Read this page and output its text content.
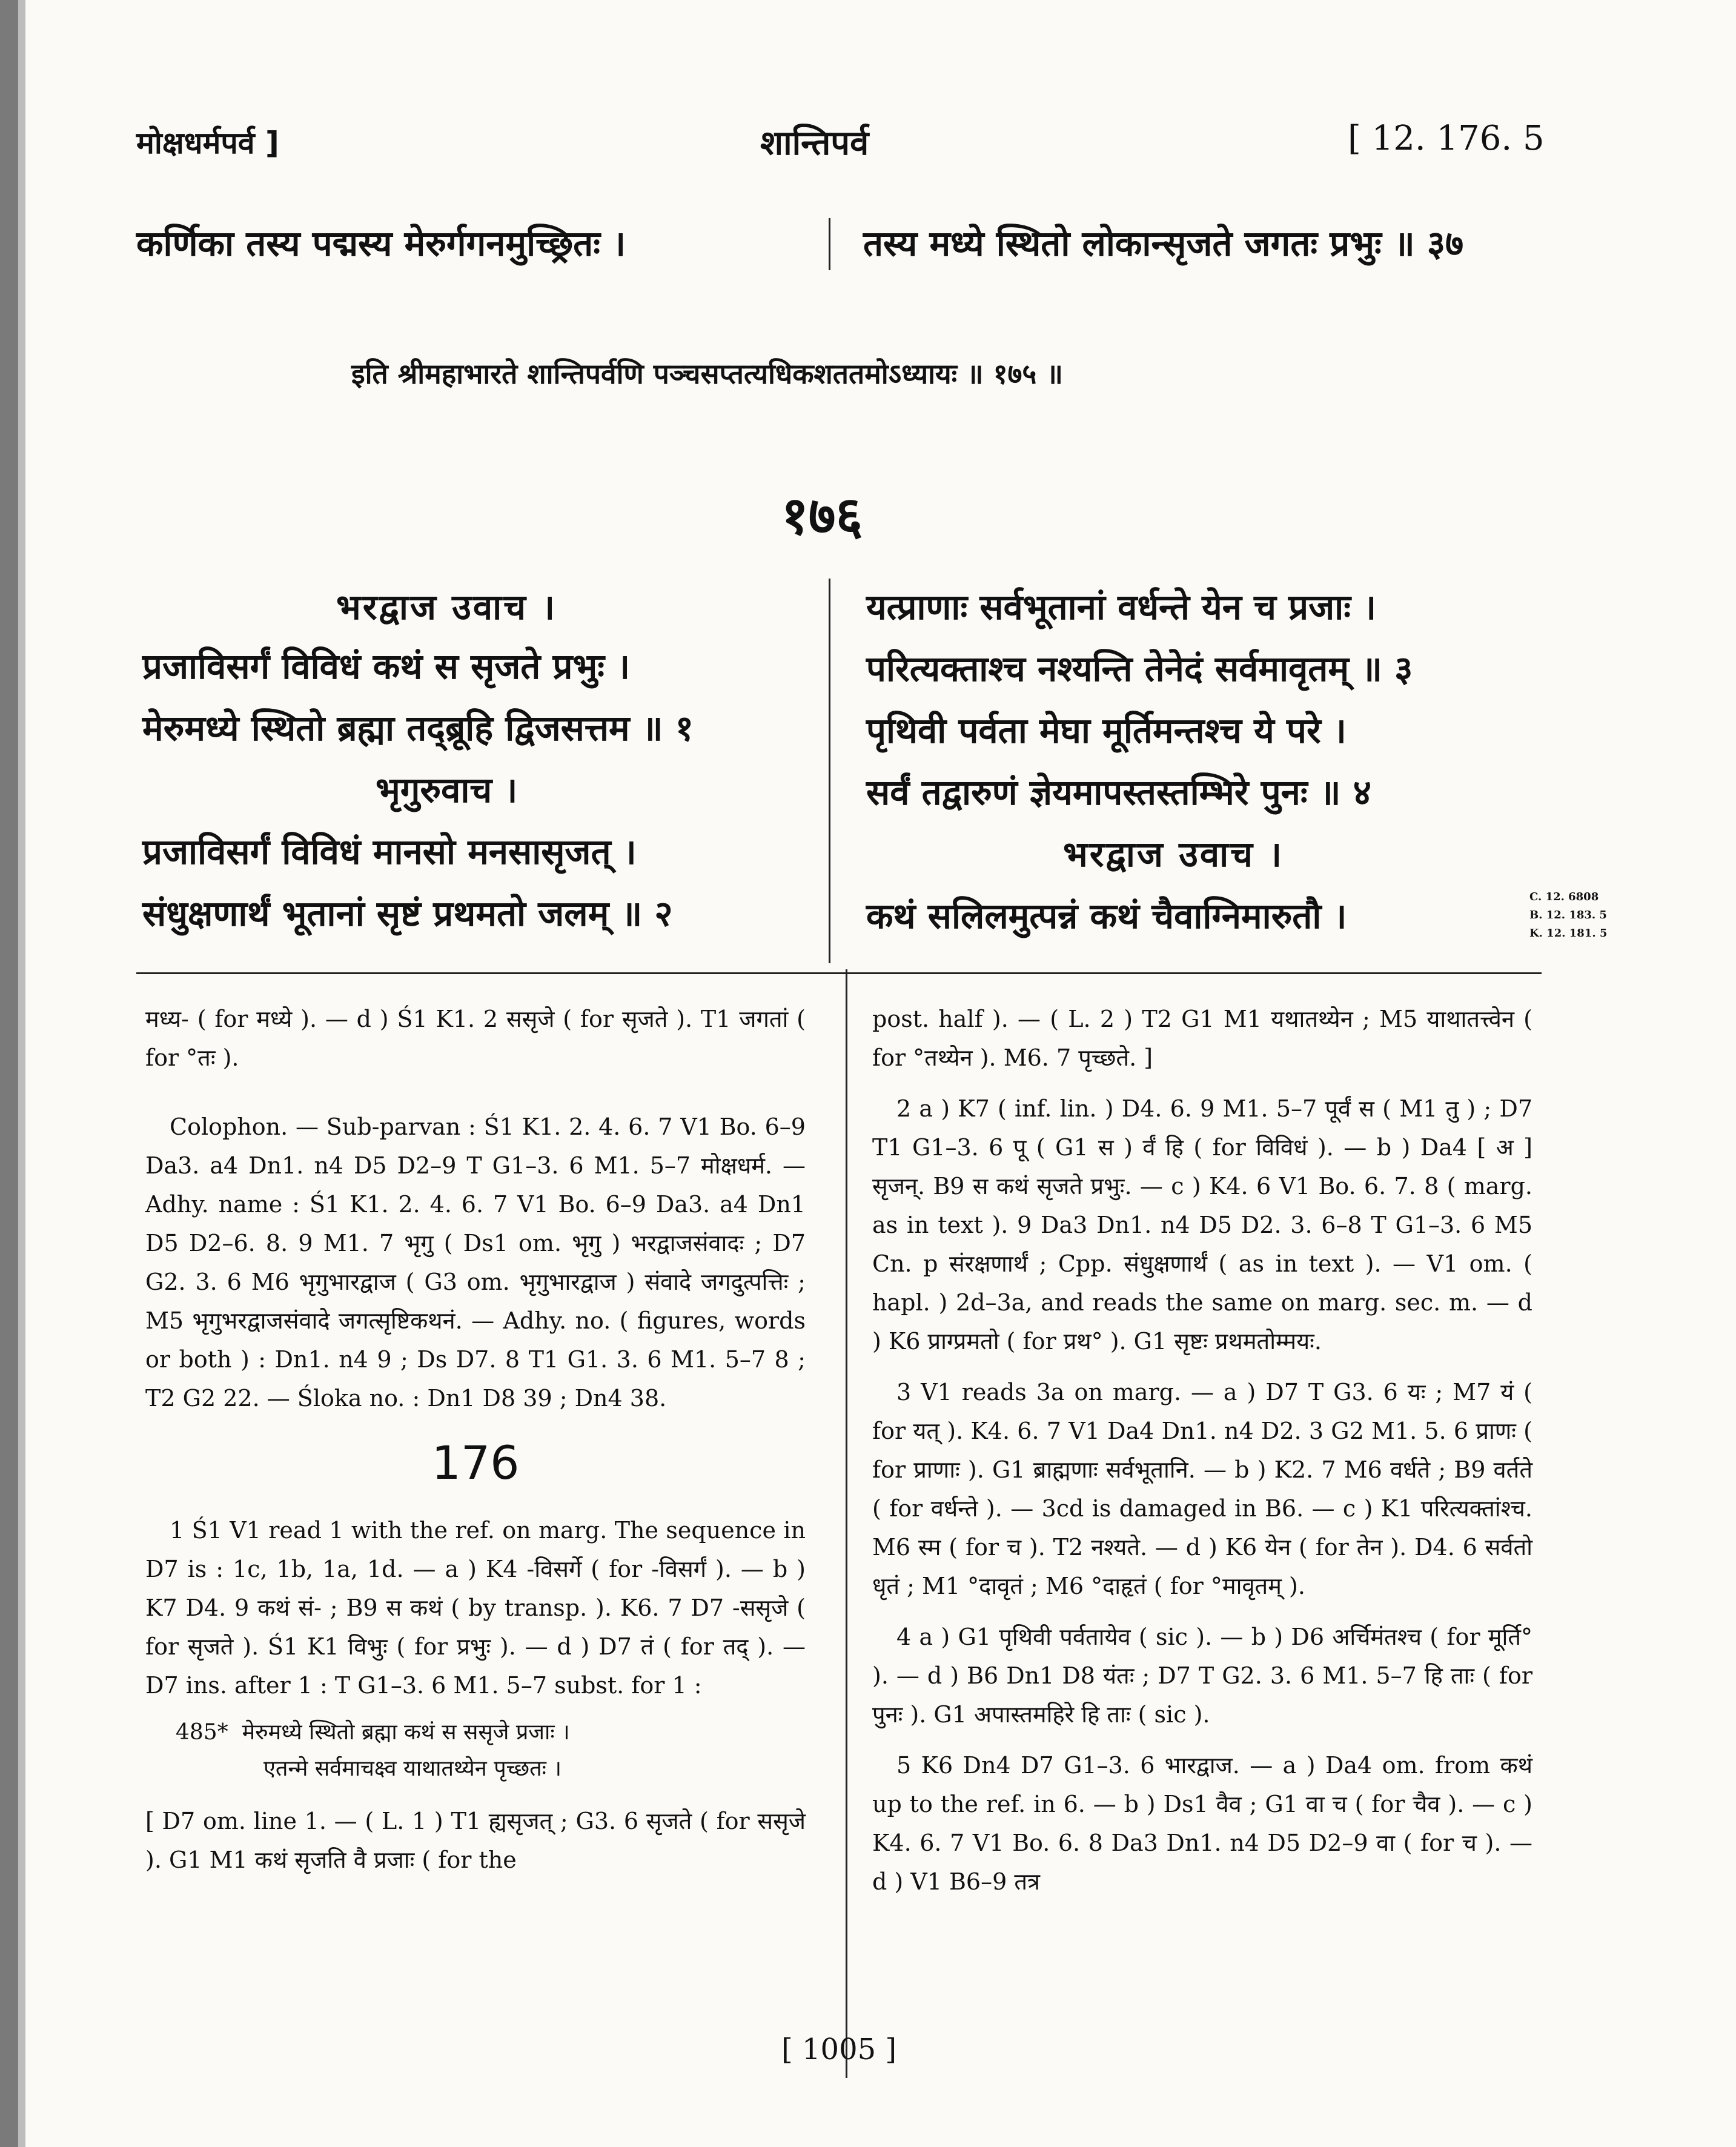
मोक्षधर्मपर्व ]	शान्तिपर्व	[ 12. 176. 5
कर्णिका तस्य पद्मस्य मेरुर्गगनमुच्छ्रितः ।	तस्य मध्ये स्थितो लोकान्सृजते जगतः प्रभुः ॥ ३७
इति श्रीमहाभारते शान्तिपर्वणि पञ्चसप्तत्यधिकशततमोऽध्यायः ॥ १७५ ॥
१७६
भरद्वाज उवाच ।
प्रजाविसर्गं विविधं कथं स सृजते प्रभुः ।
मेरुमध्ये स्थितो ब्रह्मा तद्ब्रूहि द्विजसत्तम ॥ १
भृगुरुवाच ।
प्रजाविसर्गं विविधं मानसो मनसासृजत् ।
संधुक्षणार्थं भूतानां सृष्टं प्रथमतो जलम् ॥ २
यत्प्राणाः सर्वभूतानां वर्धन्ते येन च प्रजाः ।
परित्यक्ताश्च नश्यन्ति तेनेदं सर्वमावृतम् ॥ ३
पृथिवी पर्वता मेघा मूर्तिमन्तश्च ये परे ।
सर्वं तद्वारुणं ज्ञेयमापस्तस्तम्भिरे पुनः ॥ ४
भरद्वाज उवाच ।
कथं सलिलमुत्पन्नं कथं चैवाग्निमारुतौ ।	C. 12. 6808
B. 12. 183. 5
K. 12. 181. 5

मध्य- ( for मध्ये ). — d ) Ś1 K1. 2 ससृजे ( for सृजते ). T1 जगतां ( for °तः ).

Colophon. — Sub-parvan : Ś1 K1. 2. 4. 6. 7 V1 Bo. 6–9 Da3. a4 Dn1. n4 D5 D2–9 T G1–3. 6 M1. 5–7 मोक्षधर्म. — Adhy. name : Ś1 K1. 2. 4. 6. 7 V1 Bo. 6–9 Da3. a4 Dn1 D5 D2–6. 8. 9 M1. 7 भृगु ( Ds1 om. भृगु ) भरद्वाजसंवादः ; D7 G2. 3. 6 M6 भृगुभारद्वाज ( G3 om. भृगुभारद्वाज ) संवादे जगदुत्पत्तिः ; M5 भृगुभरद्वाजसंवादे जगत्सृष्टिकथनं. — Adhy. no. ( figures, words or both ) : Dn1. n4 9 ; Ds D7. 8 T1 G1. 3. 6 M1. 5–7 8 ; T2 G2 22. — Śloka no. : Dn1 D8 39 ; Dn4 38.

176

1 Ś1 V1 read 1 with the ref. on marg. The sequence in D7 is : 1c, 1b, 1a, 1d. — a ) K4 -विसर्गे ( for -विसर्गं ). — b ) K7 D4. 9 कथं सं- ; B9 स कथं ( by transp. ). K6. 7 D7 -ससृजे ( for सृजते ). Ś1 K1 विभुः ( for प्रभुः ). — d ) D7 तं ( for तद् ). — D7 ins. after 1 : T G1–3. 6 M1. 5–7 subst. for 1 :

485* मेरुमध्ये स्थितो ब्रह्मा कथं स ससृजे प्रजाः ।
एतन्मे सर्वमाचक्ष्व याथातथ्येन पृच्छतः ।

[ D7 om. line 1. — ( L. 1 ) T1 ह्यसृजत् ; G3. 6 सृजते ( for ससृजे ). G1 M1 कथं सृजति वै प्रजाः ( for the

post. half ). — ( L. 2 ) T2 G1 M1 यथातथ्येन ; M5 याथातत्त्वेन ( for °तथ्येन ). M6. 7 पृच्छते. ]

2 a ) K7 ( inf. lin. ) D4. 6. 9 M1. 5–7 पूर्वं स ( M1 तु ) ; D7 T1 G1–3. 6 पू ( G1 स ) र्वं हि ( for विविधं ). — b ) Da4 [ अ ] सृजन्. B9 स कथं सृजते प्रभुः. — c ) K4. 6 V1 Bo. 6. 7. 8 ( marg. as in text ). 9 Da3 Dn1. n4 D5 D2. 3. 6–8 T G1–3. 6 M5 Cn. p संरक्षणार्थं ; Cpp. संधुक्षणार्थं ( as in text ). — V1 om. ( hapl. ) 2d–3a, and reads the same on marg. sec. m. — d ) K6 प्राग्प्रमतो ( for प्रथ° ). G1 सृष्टः प्रथमतोम्मयः.

3 V1 reads 3a on marg. — a ) D7 T G3. 6 यः ; M7 यं ( for यत् ). K4. 6. 7 V1 Da4 Dn1. n4 D2. 3 G2 M1. 5. 6 प्राणः ( for प्राणाः ). G1 ब्राह्मणाः सर्वभूतानि. — b ) K2. 7 M6 वर्धते ; B9 वर्तते ( for वर्धन्ते ). — 3cd is damaged in B6. — c ) K1 परित्यक्तांश्च. M6 स्म ( for च ). T2 नश्यते. — d ) K6 येन ( for तेन ). D4. 6 सर्वतो धृतं ; M1 °दावृतं ; M6 °दाहृतं ( for °मावृतम् ).

4 a ) G1 पृथिवी पर्वतायेव ( sic ). — b ) D6 अर्चिमंतश्च ( for मूर्ति° ). — d ) B6 Dn1 D8 यंतः ; D7 T G2. 3. 6 M1. 5–7 हि ताः ( for पुनः ). G1 अपास्तमहिरे हि ताः ( sic ).

5 K6 Dn4 D7 G1–3. 6 भारद्वाज. — a ) Da4 om. from कथं up to the ref. in 6. — b ) Ds1 वैव ; G1 वा च ( for चैव ). — c ) K4. 6. 7 V1 Bo. 6. 8 Da3 Dn1. n4 D5 D2–9 वा ( for च ). — d ) V1 B6–9 तत्र

[ 1005 ]
